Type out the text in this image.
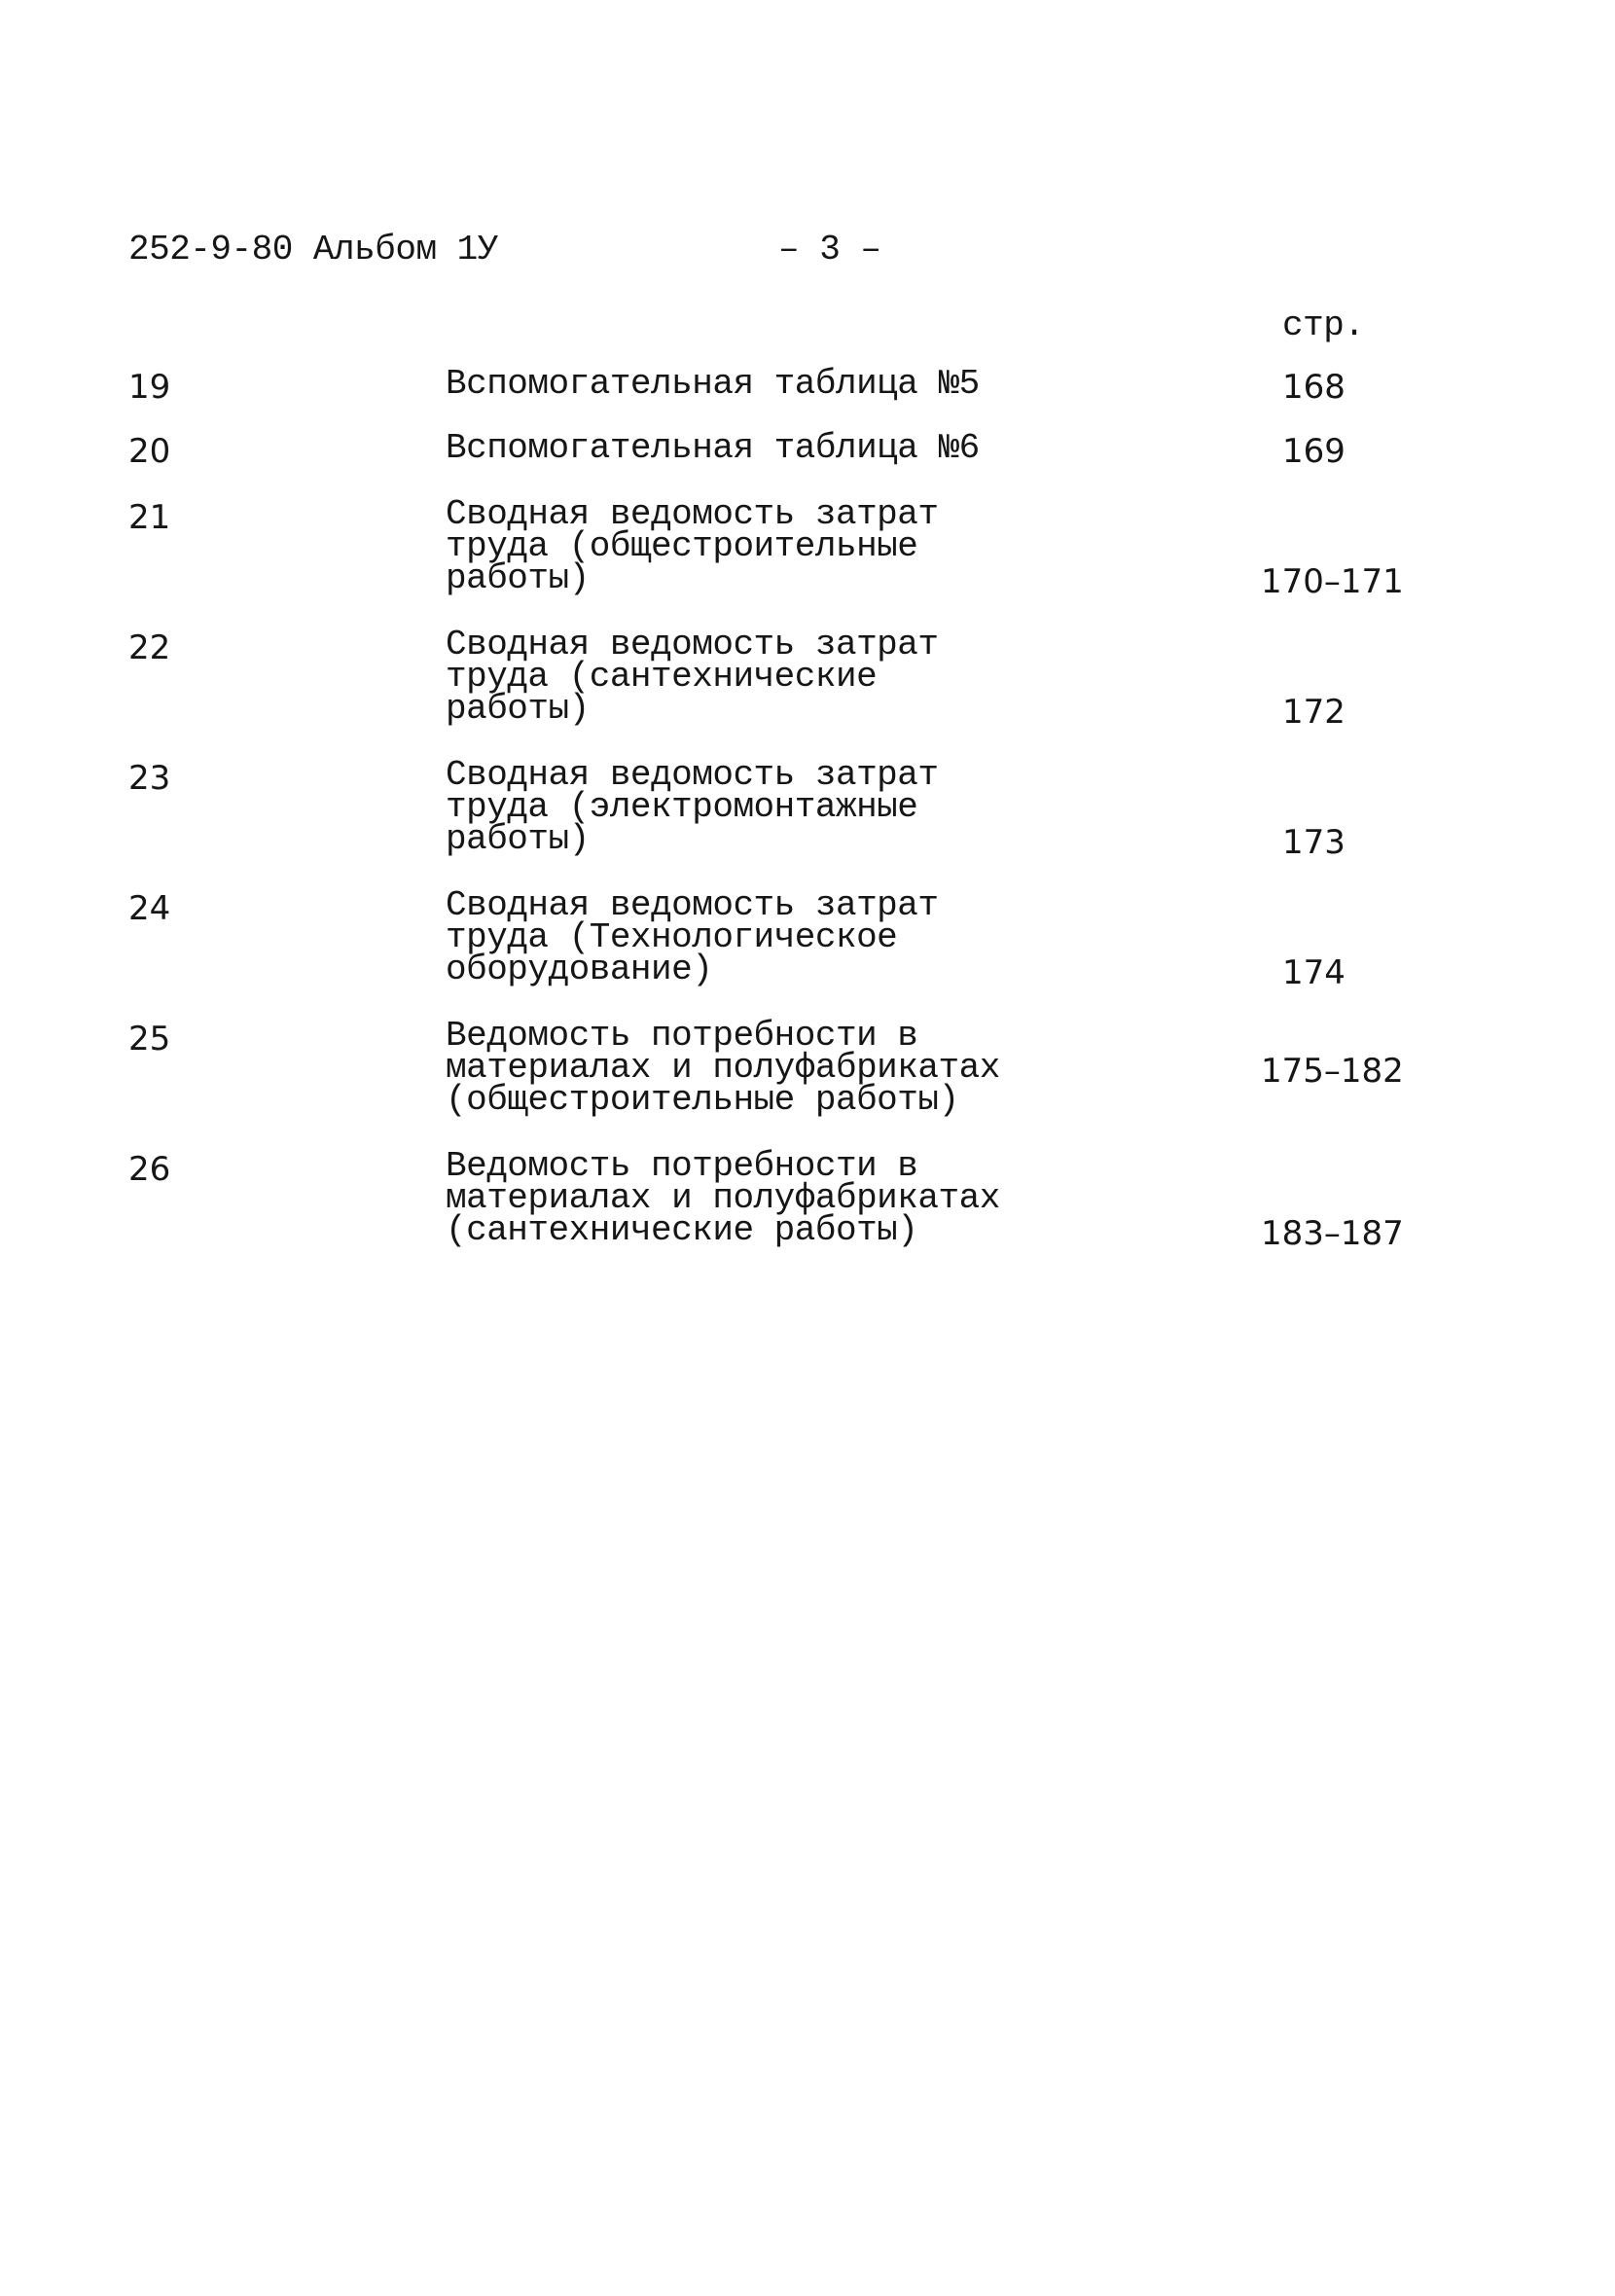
252-9-80 Альбом 1У	– 3 –
стр.
19	Вспомогательная таблица №5	168
20	Вспомогательная таблица №6	169
21	Сводная ведомость затрат
труда (общестроительные
работы)	170–171
22	Сводная ведомость затрат
труда (сантехнические
работы)	172
23	Сводная ведомость затрат
труда (электромонтажные
работы)	173
24	Сводная ведомость затрат
труда (Технологическое
оборудование)	174
25	Ведомость потребности в
материалах и полуфабрикатах
(общестроительные работы)
175–182
26	Ведомость потребности в
материалах и полуфабрикатах
(сантехнические работы)	183–187
